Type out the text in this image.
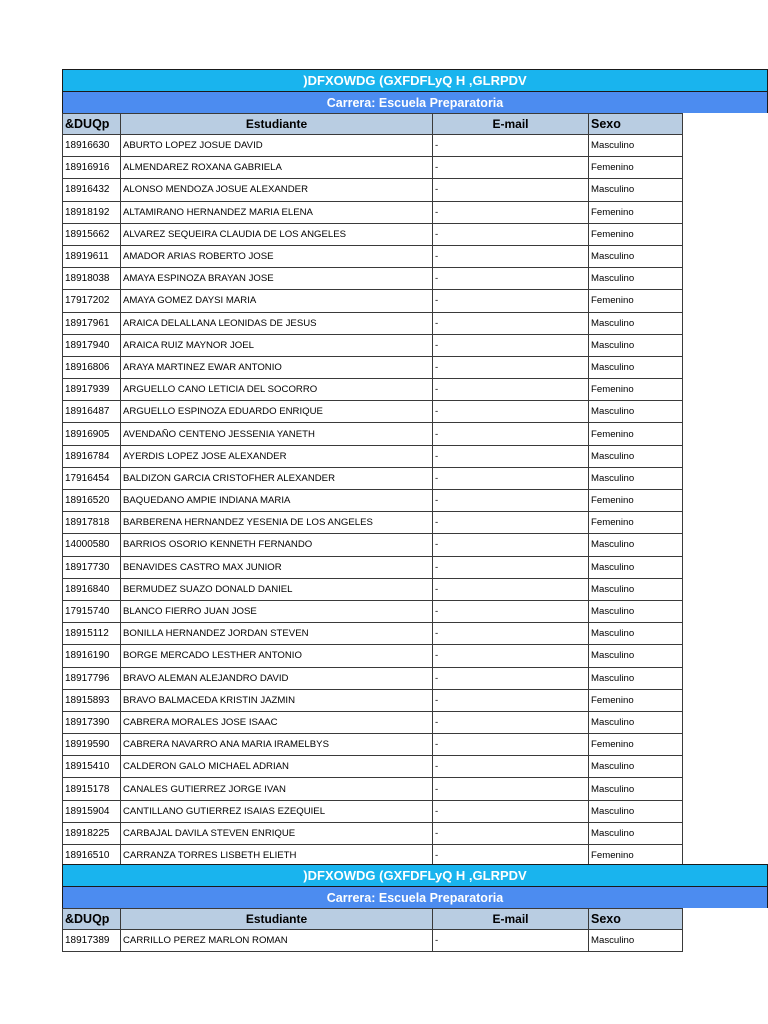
)DFXOWDG (GXFDFLyQ H ,GLRPDV
Carrera: Escuela Preparatoria
&DUQp	Estudiante	E-mail	Sexo
18916630	ABURTO LOPEZ JOSUE DAVID	-	Masculino
18916916	ALMENDAREZ ROXANA GABRIELA	-	Femenino
18916432	ALONSO MENDOZA JOSUE ALEXANDER	-	Masculino
18918192	ALTAMIRANO HERNANDEZ MARIA ELENA	-	Femenino
18915662	ALVAREZ SEQUEIRA CLAUDIA DE LOS ANGELES	-	Femenino
18919611	AMADOR ARIAS ROBERTO JOSE	-	Masculino
18918038	AMAYA ESPINOZA BRAYAN JOSE	-	Masculino
17917202	AMAYA GOMEZ DAYSI MARIA	-	Femenino
18917961	ARAICA DELALLANA LEONIDAS DE JESUS	-	Masculino
18917940	ARAICA RUIZ MAYNOR JOEL	-	Masculino
18916806	ARAYA MARTINEZ EWAR ANTONIO	-	Masculino
18917939	ARGUELLO CANO LETICIA DEL SOCORRO	-	Femenino
18916487	ARGUELLO ESPINOZA EDUARDO ENRIQUE	-	Masculino
18916905	AVENDAÑO CENTENO JESSENIA YANETH	-	Femenino
18916784	AYERDIS LOPEZ JOSE ALEXANDER	-	Masculino
17916454	BALDIZON GARCIA CRISTOFHER ALEXANDER	-	Masculino
18916520	BAQUEDANO AMPIE INDIANA MARIA	-	Femenino
18917818	BARBERENA HERNANDEZ YESENIA DE LOS ANGELES	-	Femenino
14000580	BARRIOS OSORIO KENNETH FERNANDO	-	Masculino
18917730	BENAVIDES CASTRO MAX JUNIOR	-	Masculino
18916840	BERMUDEZ SUAZO DONALD DANIEL	-	Masculino
17915740	BLANCO FIERRO JUAN JOSE	-	Masculino
18915112	BONILLA HERNANDEZ JORDAN STEVEN	-	Masculino
18916190	BORGE MERCADO LESTHER ANTONIO	-	Masculino
18917796	BRAVO ALEMAN ALEJANDRO DAVID	-	Masculino
18915893	BRAVO BALMACEDA KRISTIN JAZMIN	-	Femenino
18917390	CABRERA MORALES JOSE ISAAC	-	Masculino
18919590	CABRERA NAVARRO ANA MARIA IRAMELBYS	-	Femenino
18915410	CALDERON GALO MICHAEL ADRIAN	-	Masculino
18915178	CANALES GUTIERREZ JORGE IVAN	-	Masculino
18915904	CANTILLANO GUTIERREZ ISAIAS EZEQUIEL	-	Masculino
18918225	CARBAJAL DAVILA STEVEN ENRIQUE	-	Masculino
18916510	CARRANZA TORRES LISBETH ELIETH	-	Femenino
)DFXOWDG (GXFDFLyQ H ,GLRPDV
Carrera: Escuela Preparatoria
&DUQp	Estudiante	E-mail	Sexo
18917389	CARRILLO PEREZ MARLON ROMAN	-	Masculino
